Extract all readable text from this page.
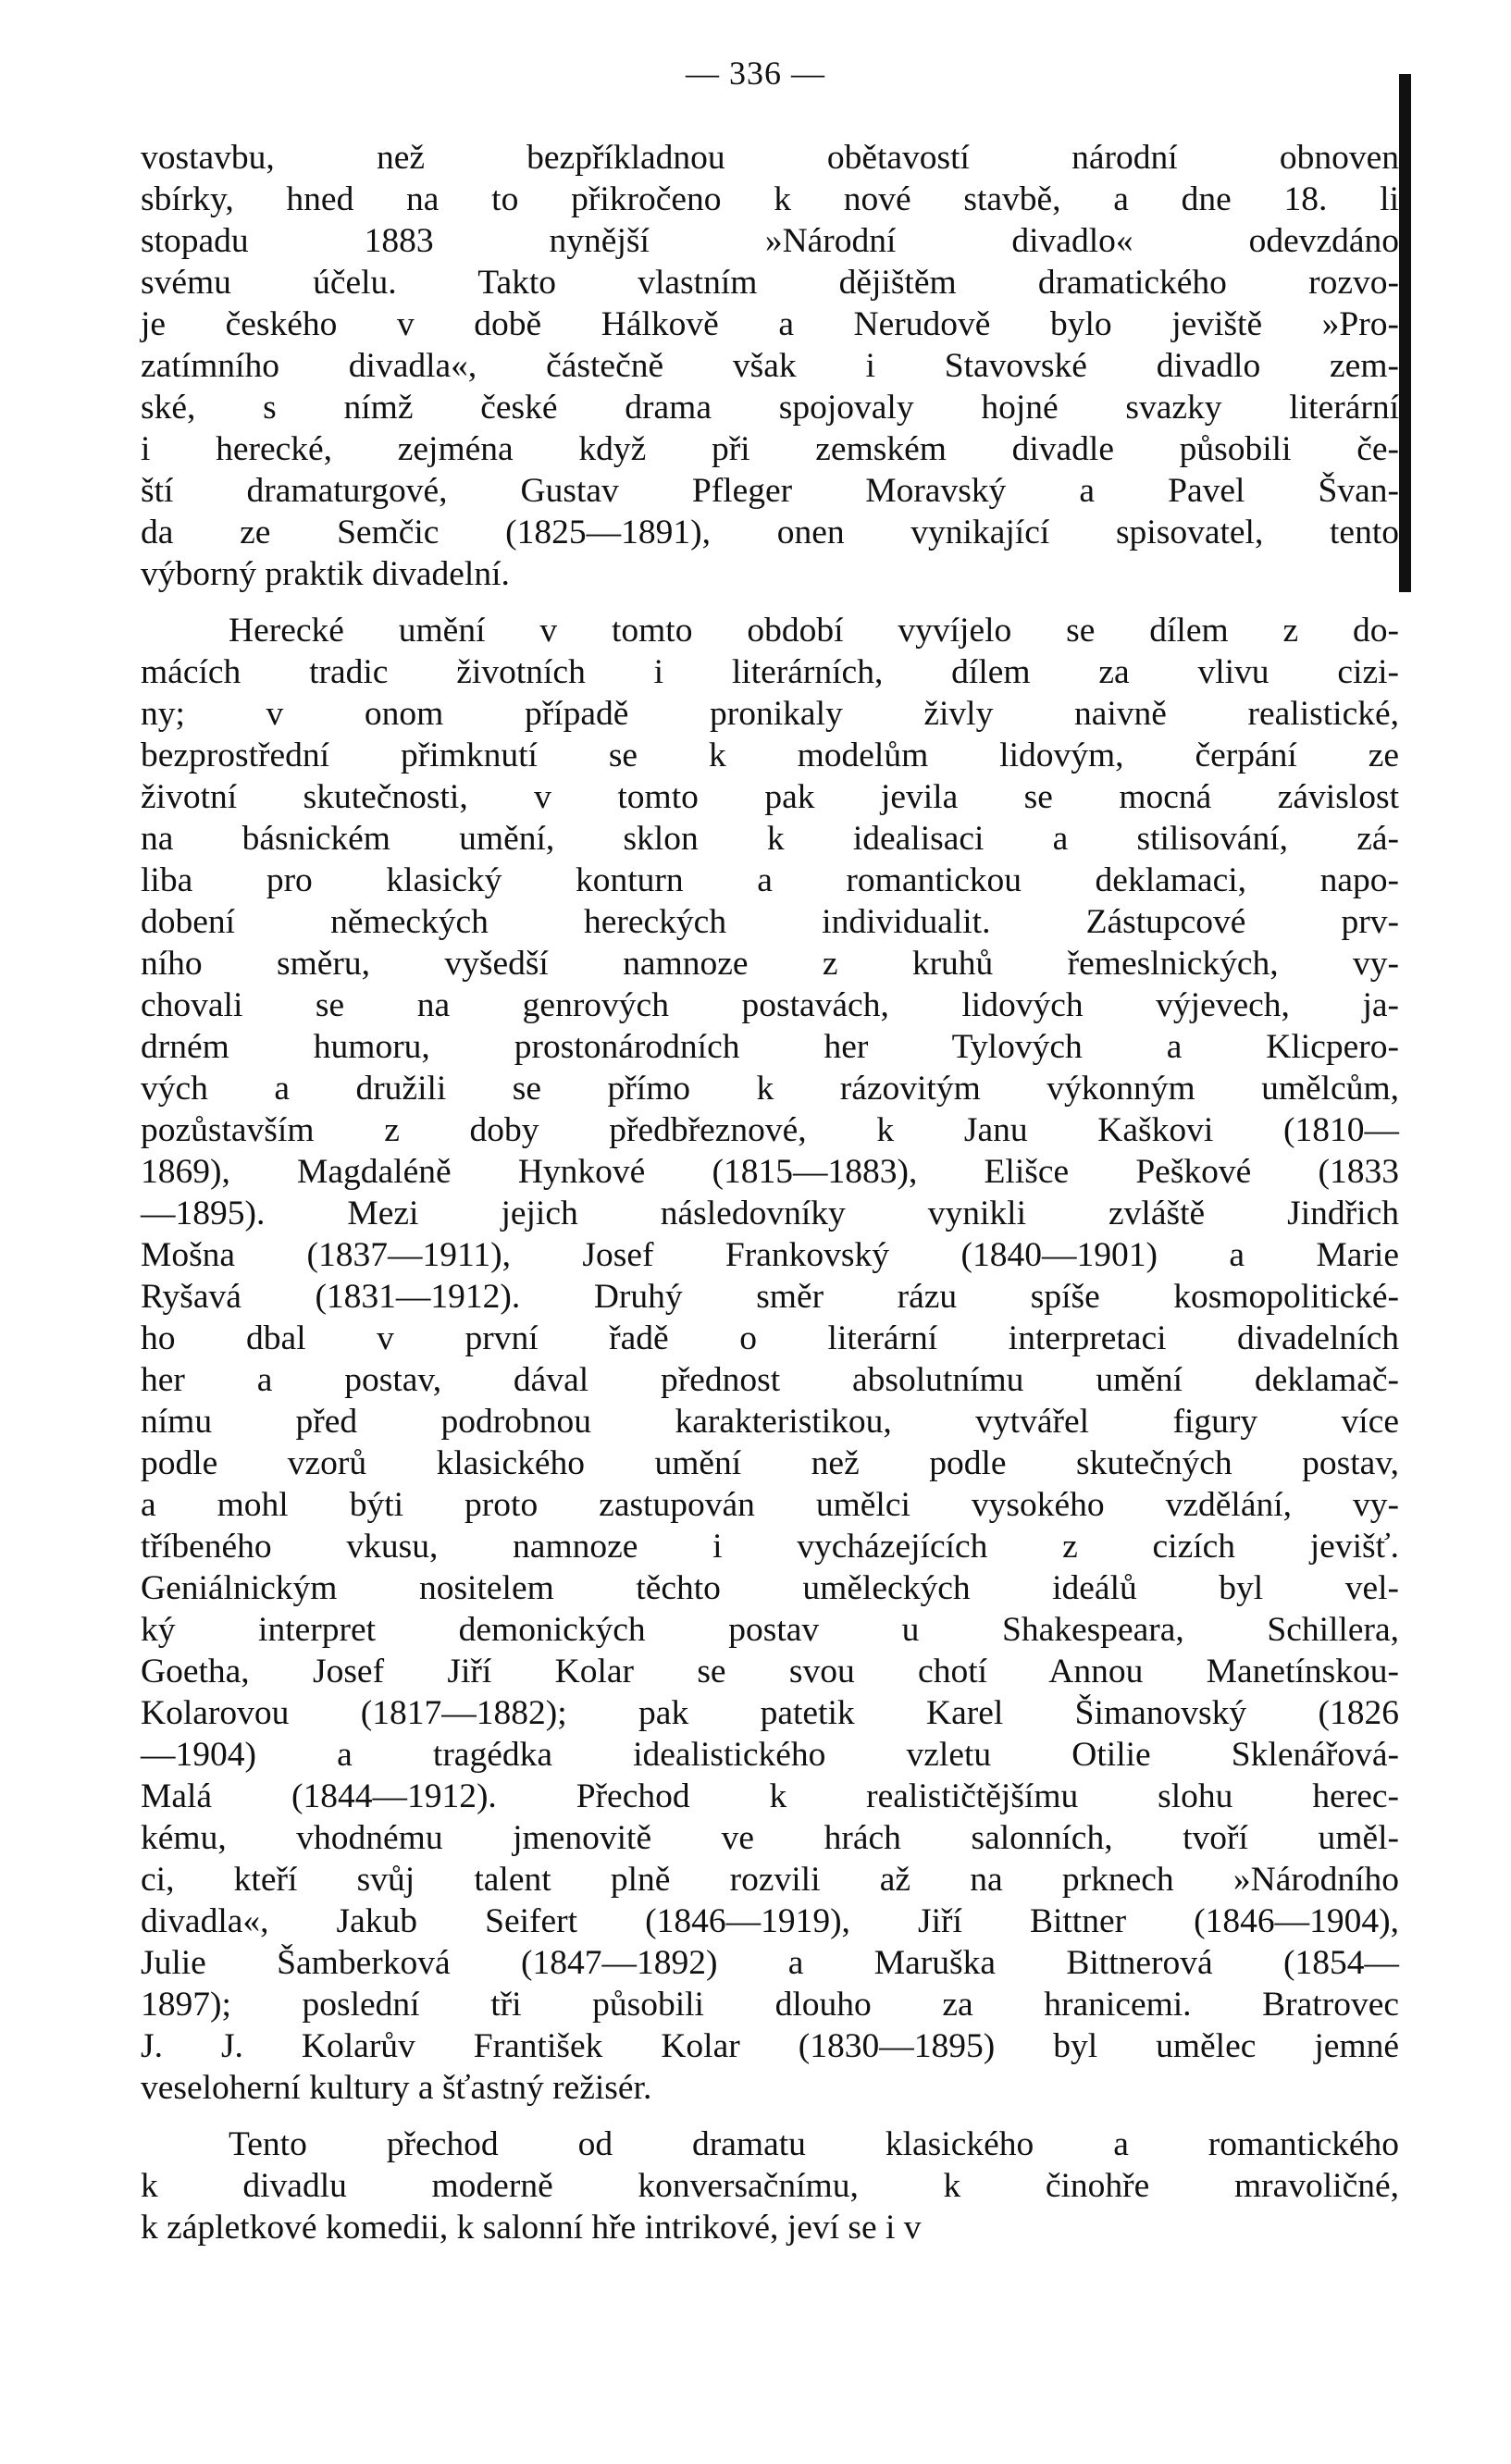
— 336 —
vostavbu, než bezpříkladnou obětavostí národní obnoven
sbírky, hned na to přikročeno k nové stavbě, a dne 18. li
stopadu 1883 nynější »Národní divadlo« odevzdáno
svému účelu. Takto vlastním dějištěm dramatického rozvo-
je českého v době Hálkově a Nerudově bylo jeviště »Pro-
zatímního divadla«, částečně však i Stavovské divadlo zem-
ské, s nímž české drama spojovaly hojné svazky literární
i herecké, zejména když při zemském divadle působili če-
ští dramaturgové, Gustav Pfleger Moravský a Pavel Švan-
da ze Semčic (1825—1891), onen vynikající spisovatel, tento
výborný praktik divadelní.
Herecké umění v tomto období vyvíjelo se dílem z do-
mácích tradic životních i literárních, dílem za vlivu cizi-
ny; v onom případě pronikaly živly naivně realistické,
bezprostřední přimknutí se k modelům lidovým, čerpání ze
životní skutečnosti, v tomto pak jevila se mocná závislost
na básnickém umění, sklon k idealisaci a stilisování, zá-
liba pro klasický konturn a romantickou deklamaci, napo-
dobení německých hereckých individualit. Zástupcové prv-
ního směru, vyšedší namnoze z kruhů řemeslnických, vy-
chovali se na genrových postavách, lidových výjevech, ja-
drném humoru, prostonárodních her Tylových a Klicpero-
vých a družili se přímo k rázovitým výkonným umělcům,
pozůstavším z doby předbřeznové, k Janu Kaškovi (1810—
1869), Magdaléně Hynkové (1815—1883), Elišce Peškové (1833
—1895). Mezi jejich následovníky vynikli zvláště Jindřich
Mošna (1837—1911), Josef Frankovský (1840—1901) a Marie
Ryšavá (1831—1912). Druhý směr rázu spíše kosmopolitické-
ho dbal v první řadě o literární interpretaci divadelních
her a postav, dával přednost absolutnímu umění deklamač-
nímu před podrobnou karakteristikou, vytvářel figury více
podle vzorů klasického umění než podle skutečných postav,
a mohl býti proto zastupován umělci vysokého vzdělání, vy-
tříbeného vkusu, namnoze i vycházejících z cizích jevišť.
Geniálnickým nositelem těchto uměleckých ideálů byl vel-
ký interpret demonických postav u Shakespeara, Schillera,
Goetha, Josef Jiří Kolar se svou chotí Annou Manetínskou-
Kolarovou (1817—1882); pak patetik Karel Šimanovský (1826
—1904) a tragédka idealistického vzletu Otilie Sklenářová-
Malá (1844—1912). Přechod k realističtějšímu slohu herec-
kému, vhodnému jmenovitě ve hrách salonních, tvoří uměl-
ci, kteří svůj talent plně rozvili až na prknech »Národního
divadla«, Jakub Seifert (1846—1919), Jiří Bittner (1846—1904),
Julie Šamberková (1847—1892) a Maruška Bittnerová (1854—
1897); poslední tři působili dlouho za hranicemi. Bratrovec
J. J. Kolarův František Kolar (1830—1895) byl umělec jemné
veseloherní kultury a šťastný režisér.
Tento přechod od dramatu klasického a romantického
k divadlu moderně konversačnímu, k činohře mravoličné,
k zápletkové komedii, k salonní hře intrikové, jeví se i v
